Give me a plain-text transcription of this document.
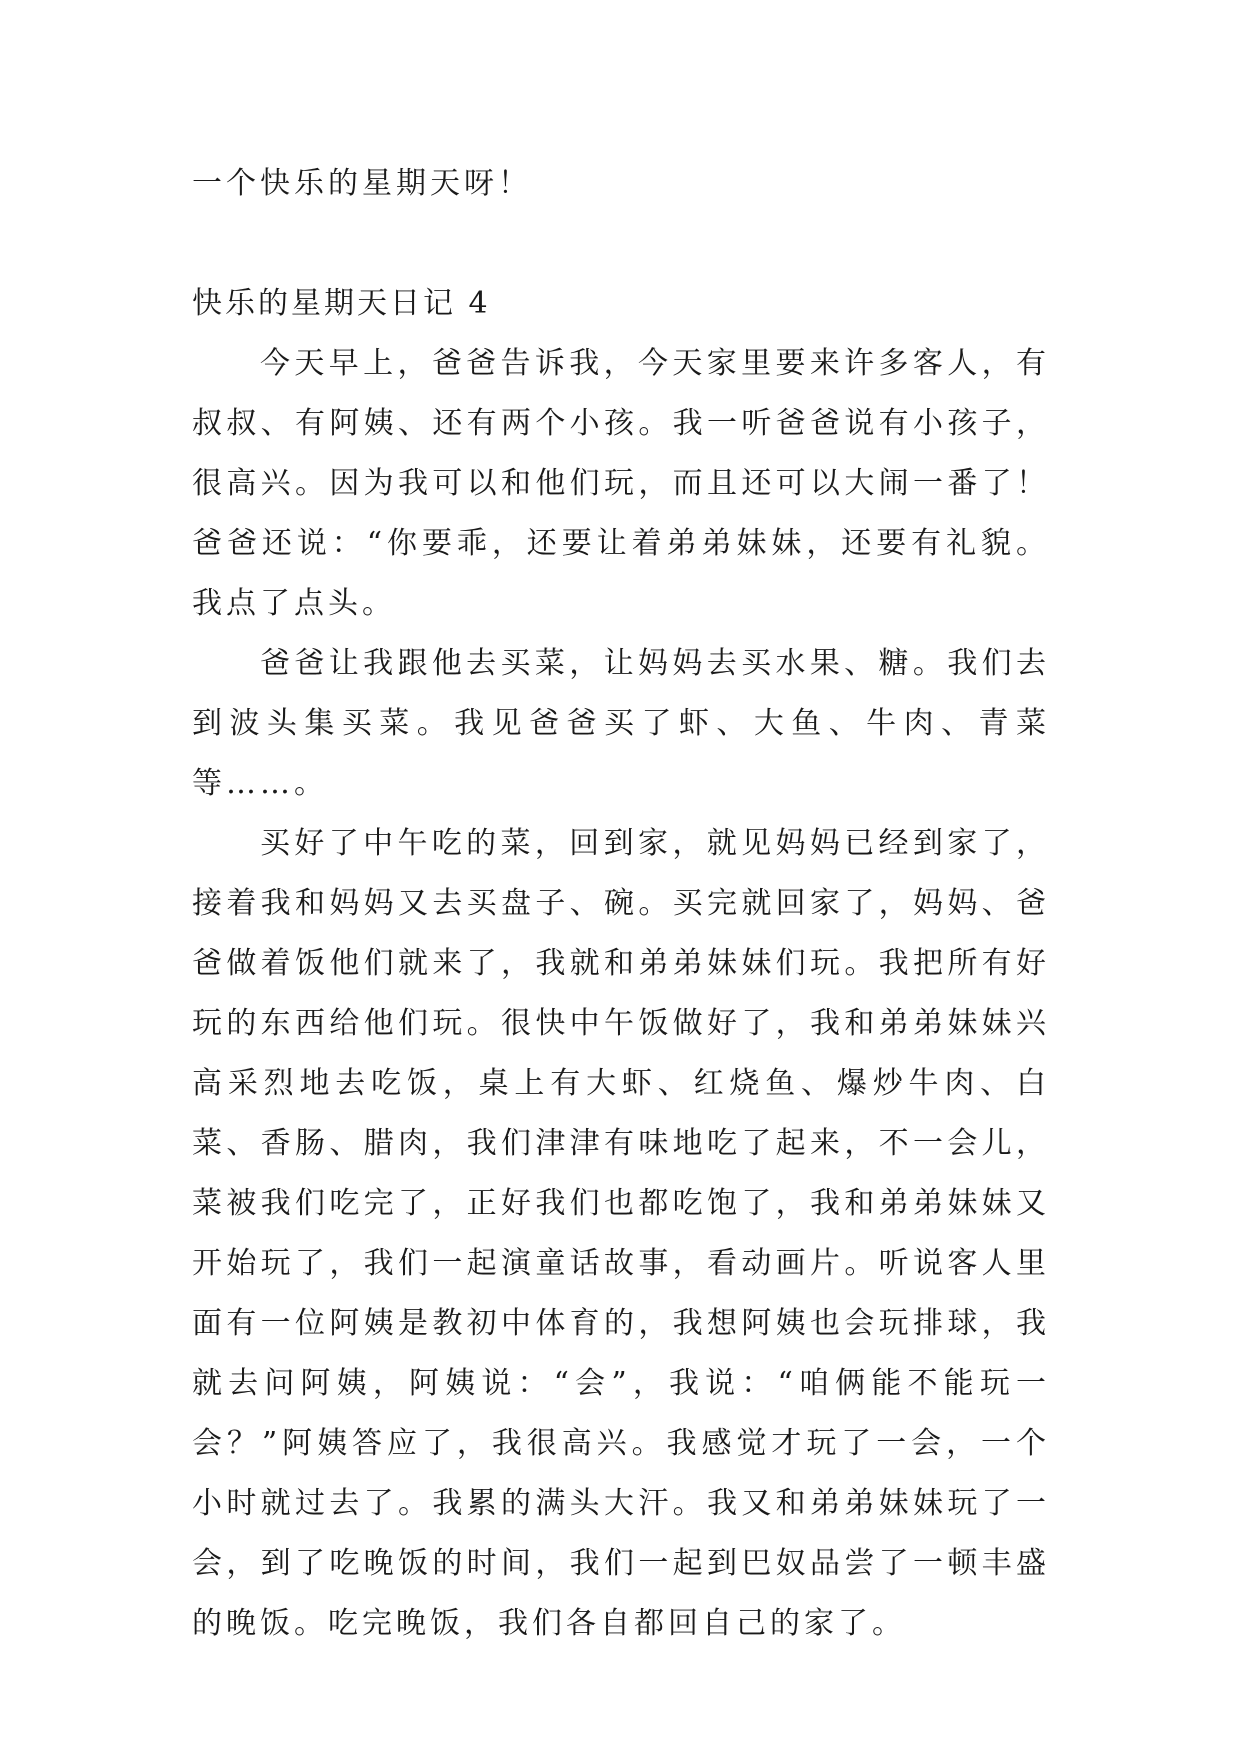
一个快乐的星期天呀！

快乐的星期天日记 4

今天早上，爸爸告诉我，今天家里要来许多客人，有叔叔、有阿姨、还有两个小孩。我一听爸爸说有小孩子，很高兴。因为我可以和他们玩，而且还可以大闹一番了！爸爸还说：“你要乖，还要让着弟弟妹妹，还要有礼貌。我点了点头。

爸爸让我跟他去买菜，让妈妈去买水果、糖。我们去到波头集买菜。我见爸爸买了虾、大鱼、牛肉、青菜等……。

买好了中午吃的菜，回到家，就见妈妈已经到家了，接着我和妈妈又去买盘子、碗。买完就回家了，妈妈、爸爸做着饭他们就来了，我就和弟弟妹妹们玩。我把所有好玩的东西给他们玩。很快中午饭做好了，我和弟弟妹妹兴高采烈地去吃饭，桌上有大虾、红烧鱼、爆炒牛肉、白菜、香肠、腊肉，我们津津有味地吃了起来，不一会儿，菜被我们吃完了，正好我们也都吃饱了，我和弟弟妹妹又开始玩了，我们一起演童话故事，看动画片。听说客人里面有一位阿姨是教初中体育的，我想阿姨也会玩排球，我就去问阿姨，阿姨说：“会”，我说：“咱俩能不能玩一会？”阿姨答应了，我很高兴。我感觉才玩了一会，一个小时就过去了。我累的满头大汗。我又和弟弟妹妹玩了一会，到了吃晚饭的时间，我们一起到巴奴品尝了一顿丰盛的晚饭。吃完晚饭，我们各自都回自己的家了。
